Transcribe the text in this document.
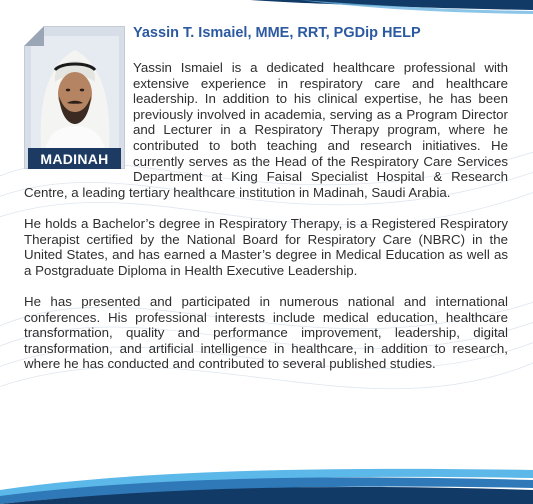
MADINAH
Yassin T. Ismaiel, MME, RRT, PGDip HELP

Yassin Ismaiel is a dedicated healthcare professional with extensive experience in respiratory care and healthcare leadership. In addition to his clinical expertise, he has been previously involved in academia, serving as a Program Director and Lecturer in a Respiratory Therapy program, where he contributed to both teaching and research initiatives. He currently serves as the Head of the Respiratory Care Services Department at King Faisal Specialist Hospital & Research Centre, a leading tertiary healthcare institution in Madinah, Saudi Arabia.

He holds a Bachelor’s degree in Respiratory Therapy, is a Registered Respiratory Therapist certified by the National Board for Respiratory Care (NBRC) in the United States, and has earned a Master’s degree in Medical Education as well as a Postgraduate Diploma in Health Executive Leadership.

He has presented and participated in numerous national and international conferences. His professional interests include medical education, healthcare transformation, quality and performance improvement, leadership, digital transformation, and artificial intelligence in healthcare, in addition to research, where he has conducted and contributed to several published studies.
